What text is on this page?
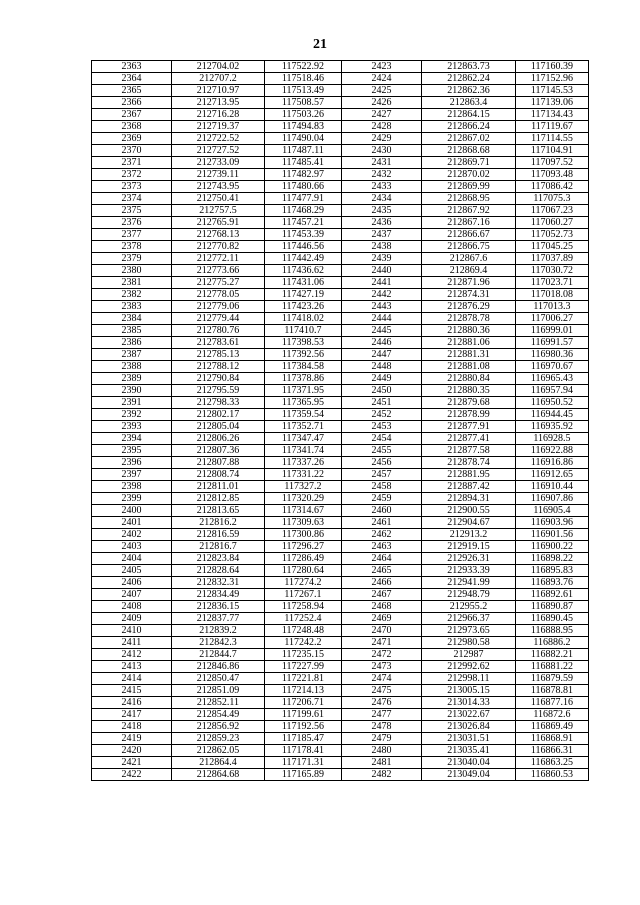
21
2363	212704.02	117522.92	2423	212863.73	117160.39
2364	212707.2	117518.46	2424	212862.24	117152.96
2365	212710.97	117513.49	2425	212862.36	117145.53
2366	212713.95	117508.57	2426	212863.4	117139.06
2367	212716.28	117503.26	2427	212864.15	117134.43
2368	212719.37	117494.83	2428	212866.24	117119.67
2369	212722.52	117490.04	2429	212867.02	117114.55
2370	212727.52	117487.11	2430	212868.68	117104.91
2371	212733.09	117485.41	2431	212869.71	117097.52
2372	212739.11	117482.97	2432	212870.02	117093.48
2373	212743.95	117480.66	2433	212869.99	117086.42
2374	212750.41	117477.91	2434	212868.95	117075.3
2375	212757.5	117468.29	2435	212867.92	117067.23
2376	212765.91	117457.21	2436	212867.16	117060.27
2377	212768.13	117453.39	2437	212866.67	117052.73
2378	212770.82	117446.56	2438	212866.75	117045.25
2379	212772.11	117442.49	2439	212867.6	117037.89
2380	212773.66	117436.62	2440	212869.4	117030.72
2381	212775.27	117431.06	2441	212871.96	117023.71
2382	212778.05	117427.19	2442	212874.31	117018.08
2383	212779.06	117423.26	2443	212876.29	117013.3
2384	212779.44	117418.02	2444	212878.78	117006.27
2385	212780.76	117410.7	2445	212880.36	116999.01
2386	212783.61	117398.53	2446	212881.06	116991.57
2387	212785.13	117392.56	2447	212881.31	116980.36
2388	212788.12	117384.58	2448	212881.08	116970.67
2389	212790.84	117378.86	2449	212880.84	116965.43
2390	212795.59	117371.95	2450	212880.35	116957.94
2391	212798.33	117365.95	2451	212879.68	116950.52
2392	212802.17	117359.54	2452	212878.99	116944.45
2393	212805.04	117352.71	2453	212877.91	116935.92
2394	212806.26	117347.47	2454	212877.41	116928.5
2395	212807.36	117341.74	2455	212877.58	116922.88
2396	212807.88	117337.26	2456	212878.74	116916.86
2397	212808.74	117331.22	2457	212881.95	116912.65
2398	212811.01	117327.2	2458	212887.42	116910.44
2399	212812.85	117320.29	2459	212894.31	116907.86
2400	212813.65	117314.67	2460	212900.55	116905.4
2401	212816.2	117309.63	2461	212904.67	116903.96
2402	212816.59	117300.86	2462	212913.2	116901.56
2403	212816.7	117296.27	2463	212919.15	116900.22
2404	212823.84	117286.49	2464	212926.31	116898.22
2405	212828.64	117280.64	2465	212933.39	116895.83
2406	212832.31	117274.2	2466	212941.99	116893.76
2407	212834.49	117267.1	2467	212948.79	116892.61
2408	212836.15	117258.94	2468	212955.2	116890.87
2409	212837.77	117252.4	2469	212966.37	116890.45
2410	212839.2	117248.48	2470	212973.65	116888.95
2411	212842.3	117242.2	2471	212980.58	116886.2
2412	212844.7	117235.15	2472	212987	116882.21
2413	212846.86	117227.99	2473	212992.62	116881.22
2414	212850.47	117221.81	2474	212998.11	116879.59
2415	212851.09	117214.13	2475	213005.15	116878.81
2416	212852.11	117206.71	2476	213014.33	116877.16
2417	212854.49	117199.61	2477	213022.67	116872.6
2418	212856.92	117192.56	2478	213026.84	116869.49
2419	212859.23	117185.47	2479	213031.51	116868.91
2420	212862.05	117178.41	2480	213035.41	116866.31
2421	212864.4	117171.31	2481	213040.04	116863.25
2422	212864.68	117165.89	2482	213049.04	116860.53
